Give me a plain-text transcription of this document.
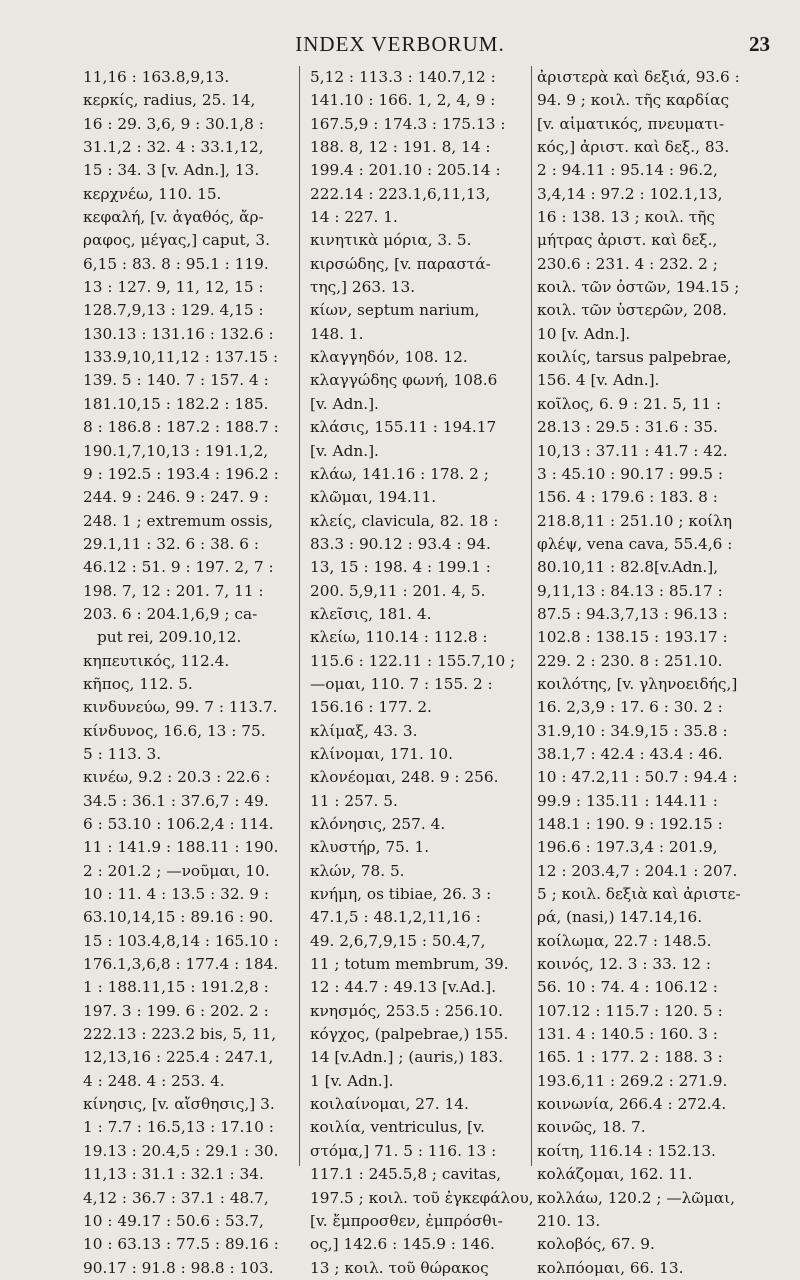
INDEX VERBORUM.	23
11,16 : 163.8,9,13.
κερκίς, radius, 25. 14,
16 : 29. 3,6, 9 : 30.1,8 :
31.1,2 : 32. 4 : 33.1,12,
15 : 34. 3 [v. Adn.], 13.
κερχνέω, 110. 15.
κεφαλή, [v. ἀγαθός, ἄρ-
ραφος, μέγας,] caput, 3.
6,15 : 83. 8 : 95.1 : 119.
13 : 127. 9, 11, 12, 15 :
128.7,9,13 : 129. 4,15 :
130.13 : 131.16 : 132.6 :
133.9,10,11,12 : 137.15 :
139. 5 : 140. 7 : 157. 4 :
181.10,15 : 182.2 : 185.
8 : 186.8 : 187.2 : 188.7 :
190.1,7,10,13 : 191.1,2,
9 : 192.5 : 193.4 : 196.2 :
244. 9 : 246. 9 : 247. 9 :
248. 1 ; extremum ossis,
29.1,11 : 32. 6 : 38. 6 :
46.12 : 51. 9 : 197. 2, 7 :
198. 7, 12 : 201. 7, 11 :
203. 6 : 204.1,6,9 ; ca-
put rei, 209.10,12.
κηπευτικός, 112.4.
κῆπος, 112. 5.
κινδυνεύω, 99. 7 : 113.7.
κίνδυνος, 16.6, 13 : 75.
5 : 113. 3.
κινέω, 9.2 : 20.3 : 22.6 :
34.5 : 36.1 : 37.6,7 : 49.
6 : 53.10 : 106.2,4 : 114.
11 : 141.9 : 188.11 : 190.
2 : 201.2 ; —νοῦμαι, 10.
10 : 11. 4 : 13.5 : 32. 9 :
63.10,14,15 : 89.16 : 90.
15 : 103.4,8,14 : 165.10 :
176.1,3,6,8 : 177.4 : 184.
1 : 188.11,15 : 191.2,8 :
197. 3 : 199. 6 : 202. 2 :
222.13 : 223.2 bis, 5, 11,
12,13,16 : 225.4 : 247.1,
4 : 248. 4 : 253. 4.
κίνησις, [v. αἴσθησις,] 3.
1 : 7.7 : 16.5,13 : 17.10 :
19.13 : 20.4,5 : 29.1 : 30.
11,13 : 31.1 : 32.1 : 34.
4,12 : 36.7 : 37.1 : 48.7,
10 : 49.17 : 50.6 : 53.7,
10 : 63.13 : 77.5 : 89.16 :
90.17 : 91.8 : 98.8 : 103.
5,12 : 113.3 : 140.7,12 :
141.10 : 166. 1, 2, 4, 9 :
167.5,9 : 174.3 : 175.13 :
188. 8, 12 : 191. 8, 14 :
199.4 : 201.10 : 205.14 :
222.14 : 223.1,6,11,13,
14 : 227. 1.
κινητικὰ μόρια, 3. 5.
κιρσώδης, [v. παραστά-
της,] 263. 13.
κίων, septum narium,
148. 1.
κλαγγηδόν, 108. 12.
κλαγγώδης φωνή, 108.6
[v. Adn.].
κλάσις, 155.11 : 194.17
[v. Adn.].
κλάω, 141.16 : 178. 2 ;
κλῶμαι, 194.11.
κλείς, clavicula, 82. 18 :
83.3 : 90.12 : 93.4 : 94.
13, 15 : 198. 4 : 199.1 :
200. 5,9,11 : 201. 4, 5.
κλεῖσις, 181. 4.
κλείω, 110.14 : 112.8 :
115.6 : 122.11 : 155.7,10 ;
—ομαι, 110. 7 : 155. 2 :
156.16 : 177. 2.
κλίμαξ, 43. 3.
κλίνομαι, 171. 10.
κλονέομαι, 248. 9 : 256.
11 : 257. 5.
κλόνησις, 257. 4.
κλυστήρ, 75. 1.
κλών, 78. 5.
κνήμη, os tibiae, 26. 3 :
47.1,5 : 48.1,2,11,16 :
49. 2,6,7,9,15 : 50.4,7,
11 ; totum membrum, 39.
12 : 44.7 : 49.13 [v.Ad.].
κνησμός, 253.5 : 256.10.
κόγχος, (palpebrae,) 155.
14 [v.Adn.] ; (auris,) 183.
1 [v. Adn.].
κοιλαίνομαι, 27. 14.
κοιλία, ventriculus, [v.
στόμα,] 71. 5 : 116. 13 :
117.1 : 245.5,8 ; cavitas,
197.5 ; κοιλ. τοῦ ἐγκεφάλου,
[v. ἔμπροσθεν, ἐμπρόσθι-
ος,] 142.6 : 145.9 : 146.
13 ; κοιλ. τοῦ θώρακος
ἀριστερὰ καὶ δεξιά, 93.6 :
94. 9 ; κοιλ. τῆς καρδίας
[v. αἱματικός, πνευματι-
κός,] ἀριστ. καὶ δεξ., 83.
2 : 94.11 : 95.14 : 96.2,
3,4,14 : 97.2 : 102.1,13,
16 : 138. 13 ; κοιλ. τῆς
μήτρας ἀριστ. καὶ δεξ.,
230.6 : 231. 4 : 232. 2 ;
κοιλ. τῶν ὀστῶν, 194.15 ;
κοιλ. τῶν ὑστερῶν, 208.
10 [v. Adn.].
κοιλίς, tarsus palpebrae,
156. 4 [v. Adn.].
κοῖλος, 6. 9 : 21. 5, 11 :
28.13 : 29.5 : 31.6 : 35.
10,13 : 37.11 : 41.7 : 42.
3 : 45.10 : 90.17 : 99.5 :
156. 4 : 179.6 : 183. 8 :
218.8,11 : 251.10 ; κοίλη
φλέψ, vena cava, 55.4,6 :
80.10,11 : 82.8[v.Adn.],
9,11,13 : 84.13 : 85.17 :
87.5 : 94.3,7,13 : 96.13 :
102.8 : 138.15 : 193.17 :
229. 2 : 230. 8 : 251.10.
κοιλότης, [v. γληνοειδής,]
16. 2,3,9 : 17. 6 : 30. 2 :
31.9,10 : 34.9,15 : 35.8 :
38.1,7 : 42.4 : 43.4 : 46.
10 : 47.2,11 : 50.7 : 94.4 :
99.9 : 135.11 : 144.11 :
148.1 : 190. 9 : 192.15 :
196.6 : 197.3,4 : 201.9,
12 : 203.4,7 : 204.1 : 207.
5 ; κοιλ. δεξιὰ καὶ ἀριστε-
ρά, (nasi,) 147.14,16.
κοίλωμα, 22.7 : 148.5.
κοινός, 12. 3 : 33. 12 :
56. 10 : 74. 4 : 106.12 :
107.12 : 115.7 : 120. 5 :
131. 4 : 140.5 : 160. 3 :
165. 1 : 177. 2 : 188. 3 :
193.6,11 : 269.2 : 271.9.
κοινωνία, 266.4 : 272.4.
κοινῶς, 18. 7.
κοίτη, 116.14 : 152.13.
κολάζομαι, 162. 11.
κολλάω, 120.2 ; —λῶμαι,
210. 13.
κολοβός, 67. 9.
κολπόομαι, 66. 13.
